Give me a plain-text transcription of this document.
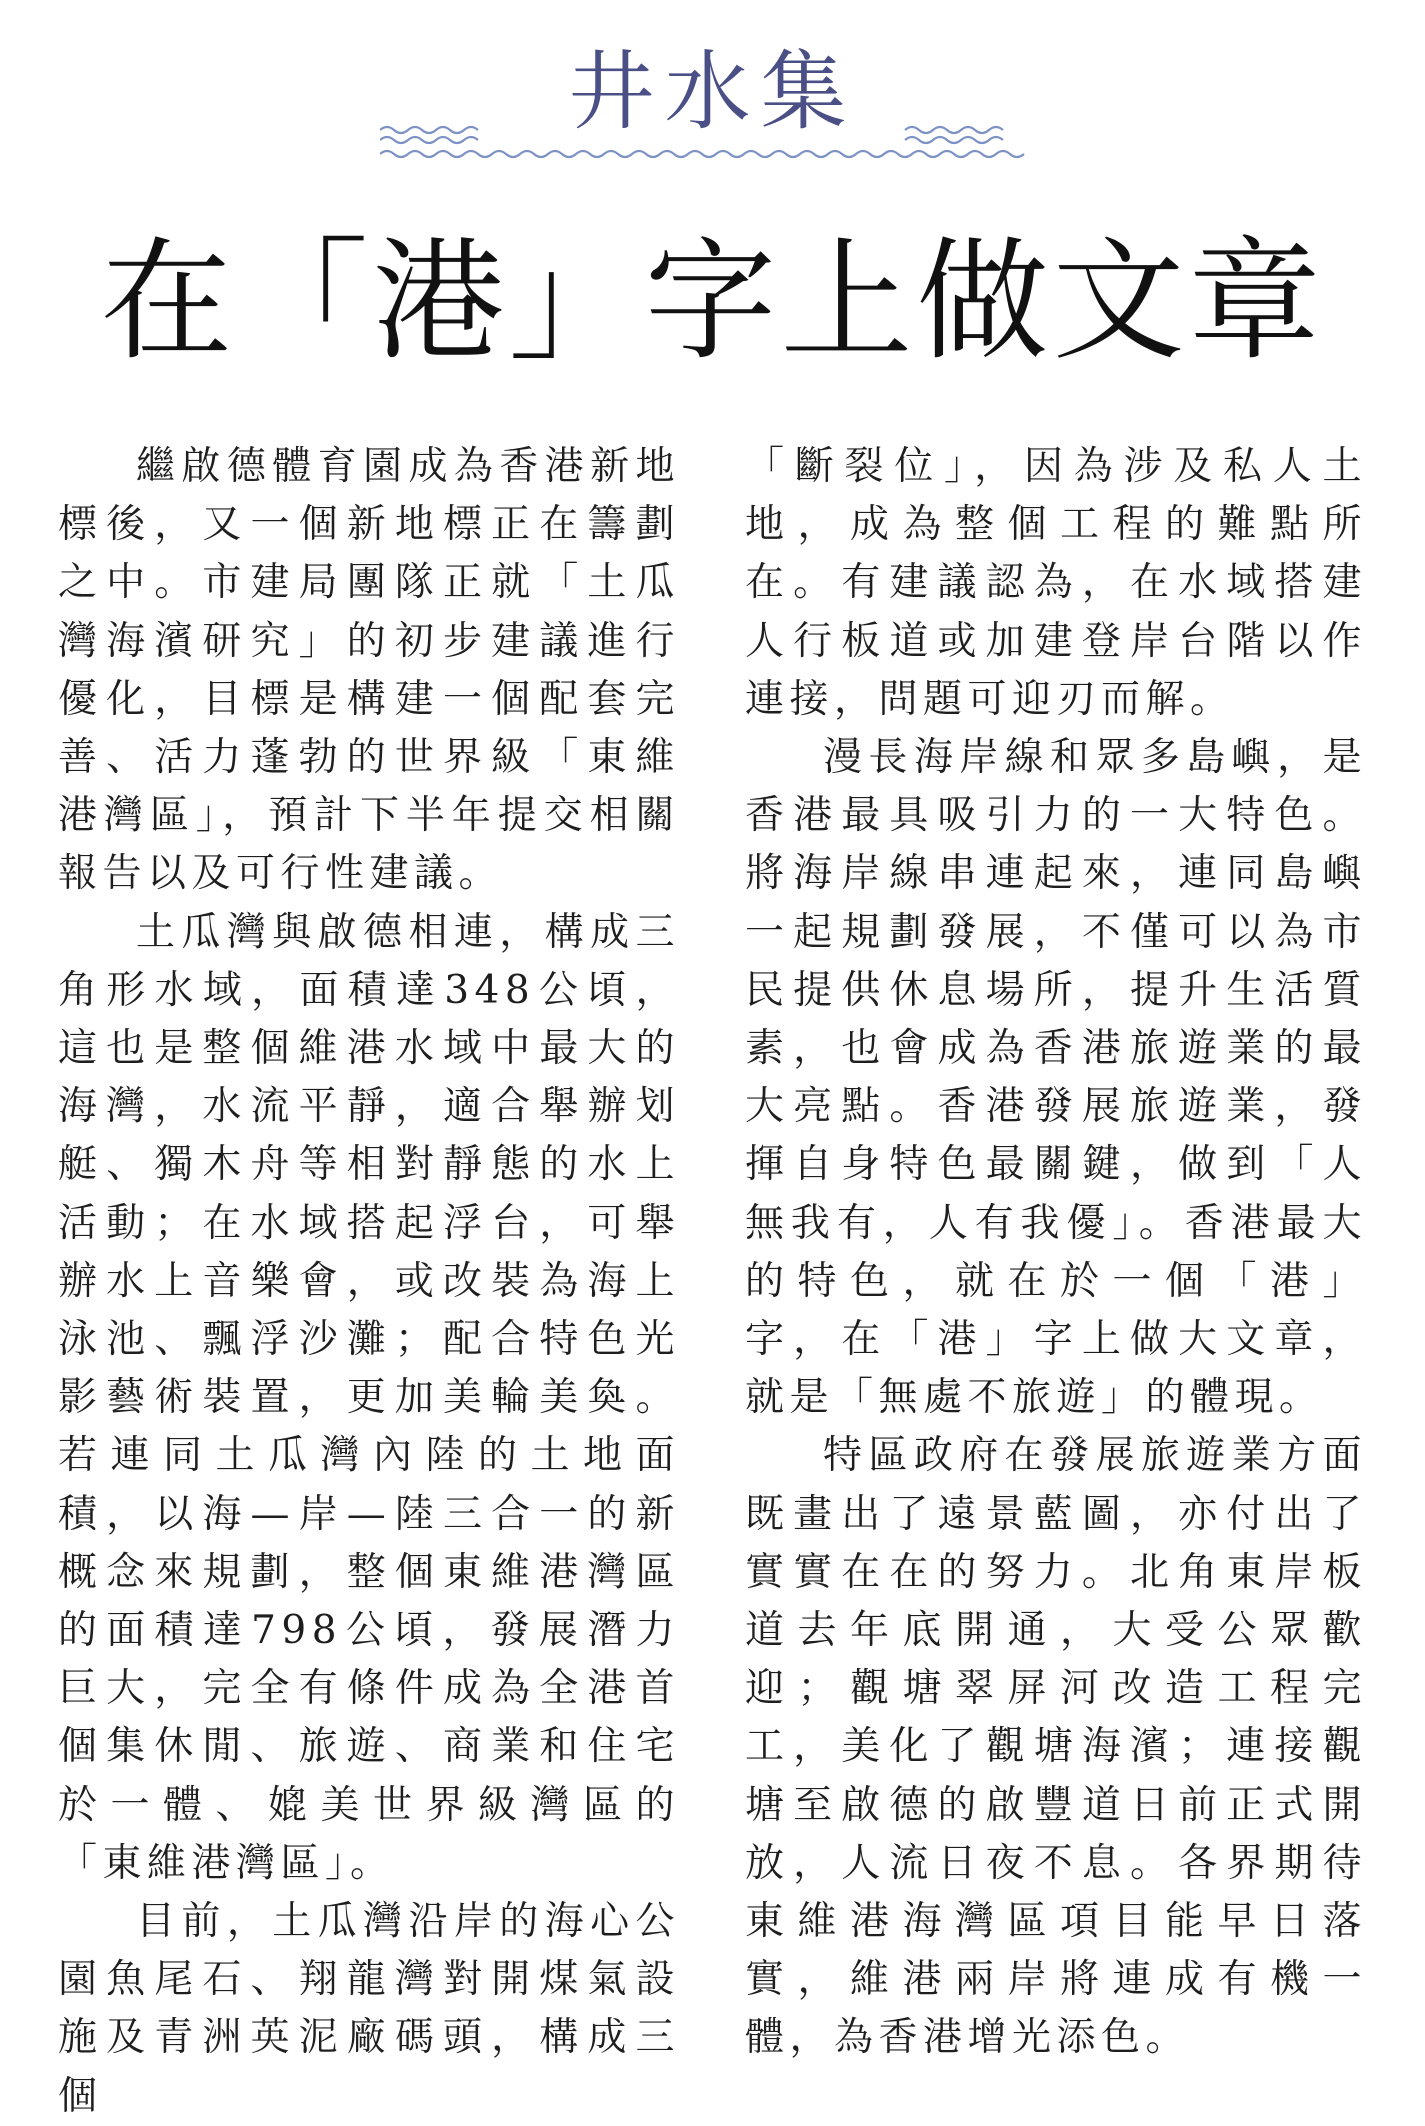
井水集
在「港」字上做文章

繼啟德體育園成為香港新地標後，又一個新地標正在籌劃之中。市建局團隊正就「土瓜灣海濱研究」的初步建議進行優化，目標是構建一個配套完善、活力蓬勃的世界級「東維港灣區」，預計下半年提交相關報告以及可行性建議。

土瓜灣與啟德相連，構成三角形水域，面積達348公頃，這也是整個維港水域中最大的海灣，水流平靜，適合舉辦划艇、獨木舟等相對靜態的水上活動；在水域搭起浮台，可舉辦水上音樂會，或改裝為海上泳池、飄浮沙灘；配合特色光影藝術裝置，更加美輪美奐。若連同土瓜灣內陸的土地面積，以海—岸—陸三合一的新概念來規劃，整個東維港灣區的面積達798公頃，發展潛力巨大，完全有條件成為全港首個集休閒、旅遊、商業和住宅於一體、媲美世界級灣區的「東維港灣區」。

目前，土瓜灣沿岸的海心公園魚尾石、翔龍灣對開煤氣設施及青洲英泥廠碼頭，構成三個

「斷裂位」，因為涉及私人土地，成為整個工程的難點所在。有建議認為，在水域搭建人行板道或加建登岸台階以作連接，問題可迎刃而解。

漫長海岸線和眾多島嶼，是香港最具吸引力的一大特色。將海岸線串連起來，連同島嶼一起規劃發展，不僅可以為市民提供休息場所，提升生活質素，也會成為香港旅遊業的最大亮點。香港發展旅遊業，發揮自身特色最關鍵，做到「人無我有，人有我優」。香港最大的特色，就在於一個「港」字，在「港」字上做大文章，就是「無處不旅遊」的體現。

特區政府在發展旅遊業方面既畫出了遠景藍圖，亦付出了實實在在的努力。北角東岸板道去年底開通，大受公眾歡迎；觀塘翠屏河改造工程完工，美化了觀塘海濱；連接觀塘至啟德的啟豐道日前正式開放，人流日夜不息。各界期待東維港海灣區項目能早日落實，維港兩岸將連成有機一體，為香港增光添色。
